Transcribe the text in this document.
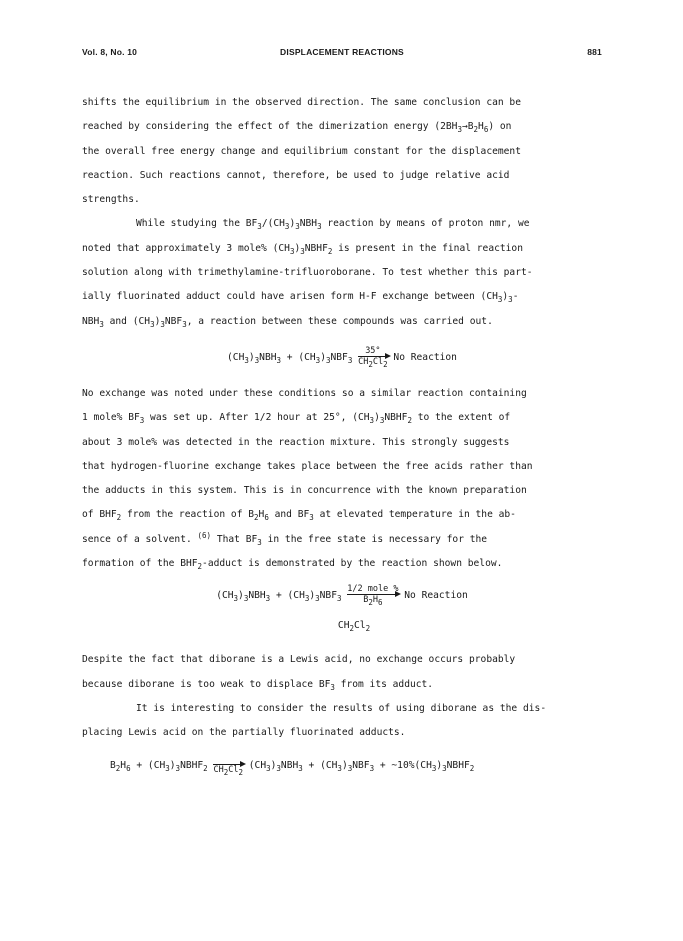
Vol. 8, No. 10	DISPLACEMENT REACTIONS	881
shifts the equilibrium in the observed direction. The same conclusion can be
reached by considering the effect of the dimerization energy $(2BH_3\to B_2H_6)$ on
the overall free energy change and equilibrium constant for the displacement
reaction. Such reactions cannot, therefore, be used to judge relative acid
strengths.
While studying the $BF_3/(CH_3)_3NBH_3$ reaction by means of proton nmr, we
noted that approximately 3 mole% $(CH_3)_3NBHF_2$ is present in the final reaction
solution along with trimethylamine-trifluoroborane. To test whether this part-
ially fluorinated adduct could have arisen form H-F exchange between $(CH_3)_3-$
$NBH_3$ and $(CH_3)_3NBF_3$, a reaction between these compounds was carried out.
$(CH_3)_3NBH_3 + (CH_3)_3NBF_3 \frac{35^\circ}{CH_2Cl_2}$ No Reaction
No exchange was noted under these conditions so a similar reaction containing
1 mole% $BF_3$ was set up. After 1/2 hour at 25°, $(CH_3)_3NBHF_2$ to the extent of
about 3 mole% was detected in the reaction mixture. This strongly suggests
that hydrogen-fluorine exchange takes place between the free acids rather than
the adducts in this system. This is in concurrence with the known preparation
of $BHF_2$ from the reaction of $B_2H_6$ and $BF_3$ at elevated temperature in the ab-
sence of a solvent. $^{(6)}$ That $BF_3$ in the free state is necessary for the
formation of the $BHF_2$-adduct is demonstrated by the reaction shown below.
$(CH_3)_3NBH_3 + (CH_3)_3NBF_3$
1/2 mole %
$B_2H_6$
No Reaction
$CH_2Cl_2$
Despite the fact that diborane is a Lewis acid, no exchange occurs probably
because diborane is too weak to displace $BF_3$ from its adduct.
It is interesting to consider the results of using diborane as the dis-
placing Lewis acid on the partially fluorinated adducts.
$B_2H_6$ + $(CH_3)_3NBHF_2$
$CH_2Cl_2$
$(CH_3)_3NBH_3 + (CH_3)_3NBF_3$ + $\sim 10\%(CH_3)_3NBHF_2$
